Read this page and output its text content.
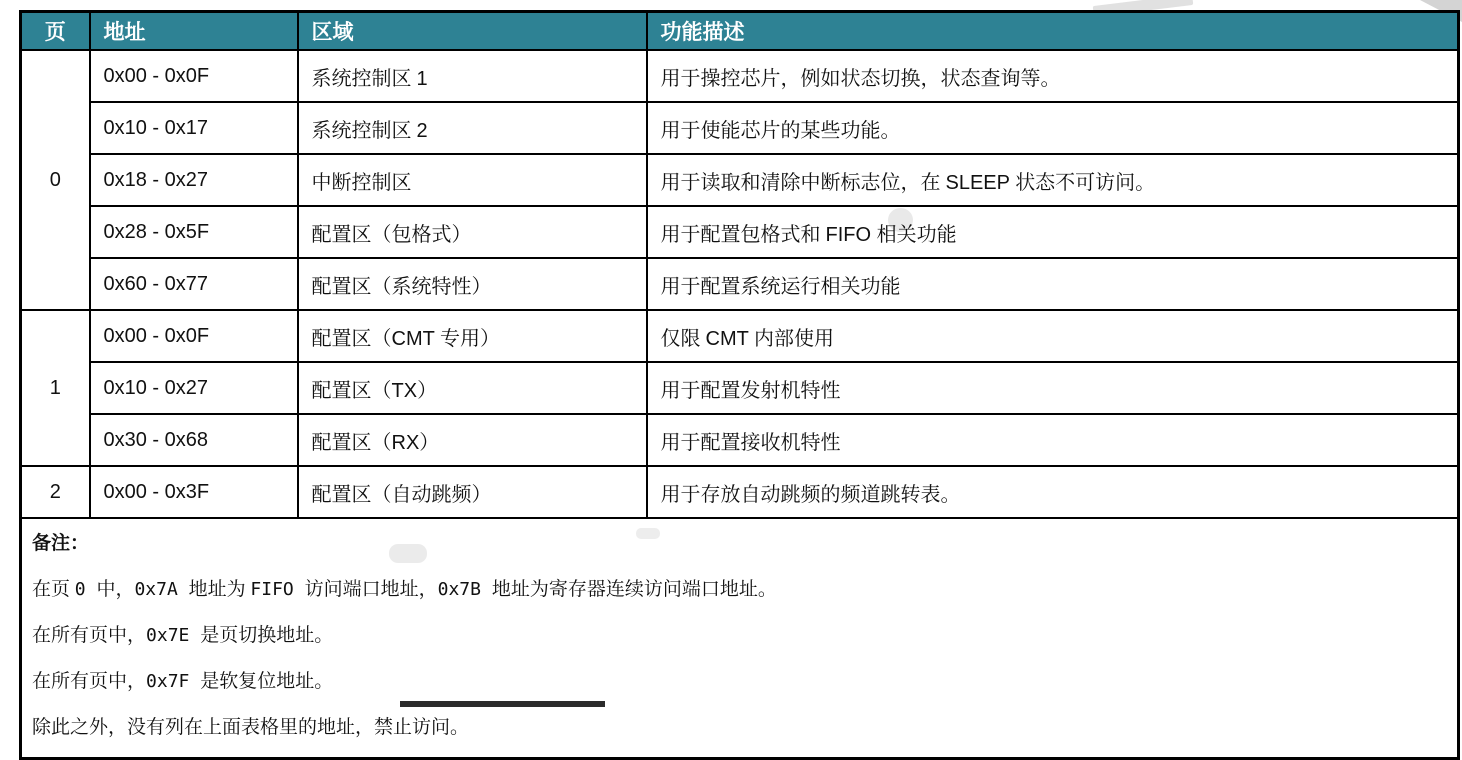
页	地址	区域	功能描述
0	0x00 - 0x0F	系统控制区 1	用于操控芯片，例如状态切换，状态查询等。
	0x10 - 0x17	系统控制区 2	用于使能芯片的某些功能。
	0x18 - 0x27	中断控制区	用于读取和清除中断标志位，在 SLEEP 状态不可访问。
	0x28 - 0x5F	配置区（包格式）	用于配置包格式和 FIFO 相关功能
	0x60 - 0x77	配置区（系统特性）	用于配置系统运行相关功能
1	0x00 - 0x0F	配置区（CMT 专用）	仅限 CMT 内部使用
	0x10 - 0x27	配置区（TX）	用于配置发射机特性
	0x30 - 0x68	配置区（RX）	用于配置接收机特性
2	0x00 - 0x3F	配置区（自动跳频）	用于存放自动跳频的频道跳转表。

备注：
在页 0 中，0x7A 地址为 FIFO 访问端口地址，0x7B 地址为寄存器连续访问端口地址。
在所有页中，0x7E 是页切换地址。
在所有页中，0x7F 是软复位地址。
除此之外，没有列在上面表格里的地址，禁止访问。			
